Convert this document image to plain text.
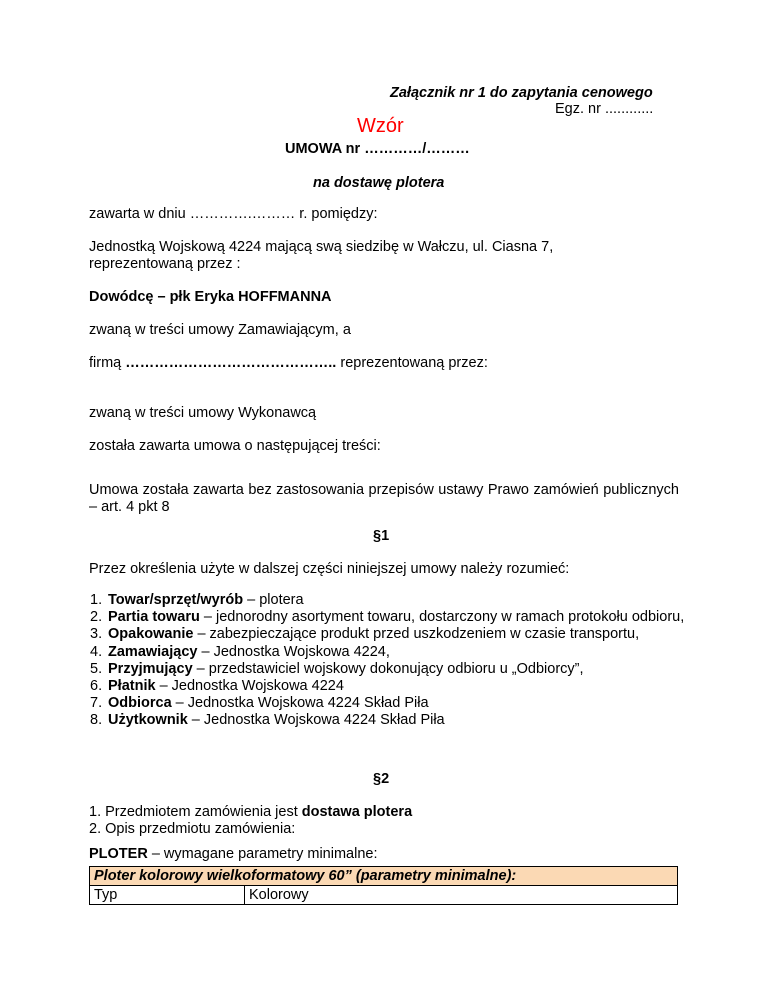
Załącznik nr 1 do zapytania cenowego
Egz. nr ............
Wzór
UMOWA nr …………/………
na dostawę plotera
zawarta w dniu ………….……… r. pomiędzy:
Jednostką Wojskową 4224 mającą swą siedzibę w Wałczu, ul. Ciasna 7,
reprezentowaną przez :
Dowódcę – płk Eryka HOFFMANNA
zwaną w treści umowy Zamawiającym, a
firmą …………………………………….. reprezentowaną przez:
zwaną w treści umowy Wykonawcą
została zawarta umowa o następującej treści:
Umowa została zawarta bez zastosowania przepisów ustawy Prawo zamówień publicznych – art. 4 pkt 8
§1
Przez określenia użyte w dalszej części niniejszej umowy należy rozumieć:
1. Towar/sprzęt/wyrób – plotera
2. Partia towaru – jednorodny asortyment towaru, dostarczony w ramach protokołu odbioru,
3. Opakowanie – zabezpieczające produkt przed uszkodzeniem w czasie transportu,
4. Zamawiający – Jednostka Wojskowa 4224,
5. Przyjmujący – przedstawiciel wojskowy dokonujący odbioru u „Odbiorcy”,
6. Płatnik – Jednostka Wojskowa 4224
7. Odbiorca – Jednostka Wojskowa 4224 Skład Piła
8. Użytkownik – Jednostka Wojskowa 4224 Skład Piła
§2
1. Przedmiotem zamówienia jest dostawa plotera
2. Opis przedmiotu zamówienia:
PLOTER – wymagane parametry minimalne:
Ploter kolorowy wielkoformatowy 60” (parametry minimalne):
Typ	Kolorowy
